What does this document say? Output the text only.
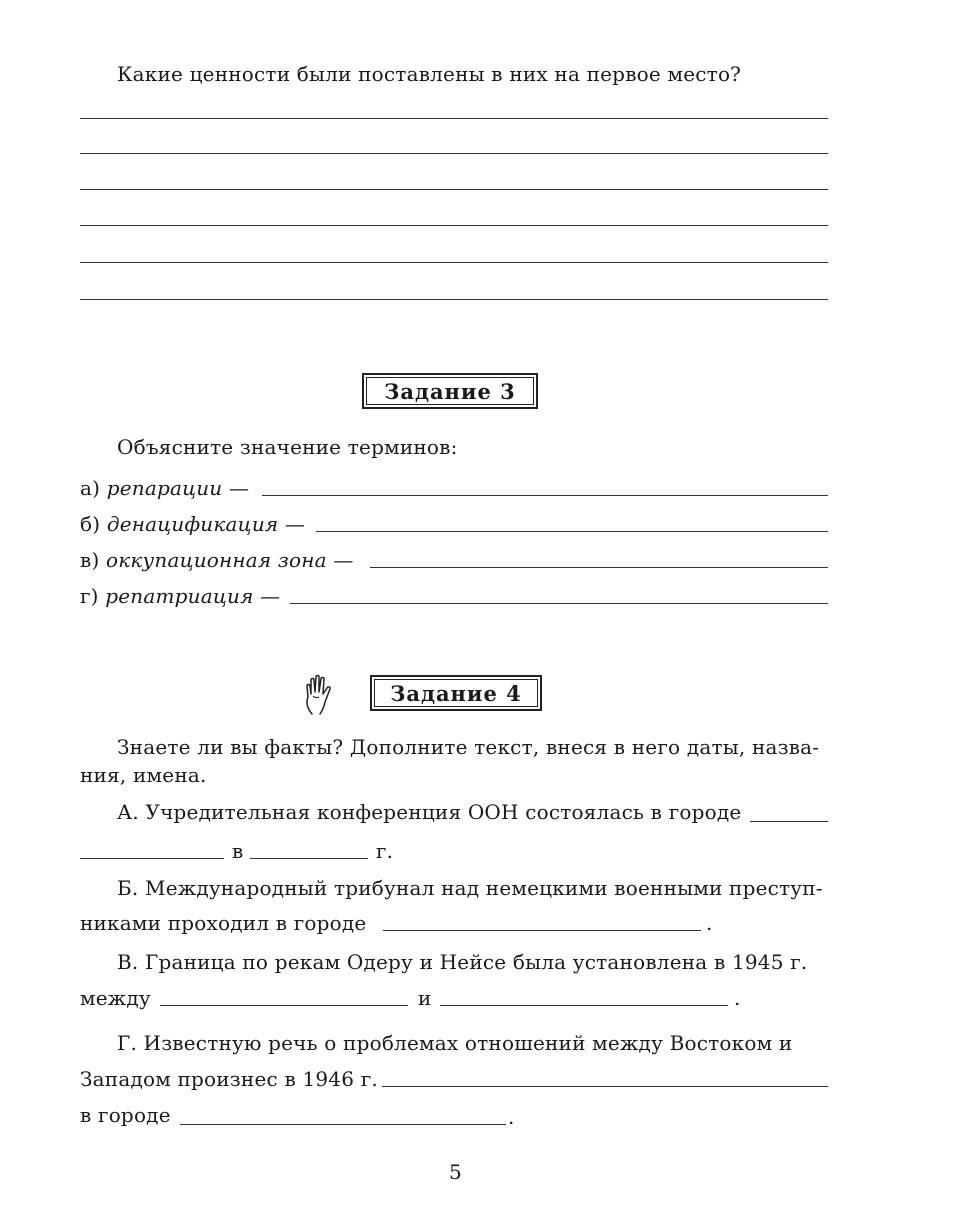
Какие ценности были поставлены в них на первое место?
Задание 3
Объясните значение терминов:
а) репарации —
б) денацификация —
в) оккупационная зона —
г) репатриация —
Задание 4
Знаете ли вы факты? Дополните текст, внеся в него даты, назва-
ния, имена.
А. Учредительная конференция ООН состоялась в городе
в	г.
Б. Международный трибунал над немецкими военными преступ-
никами проходил в городе	.
В. Граница по рекам Одеру и Нейсе была установлена в 1945 г.
между	и	.
Г. Известную речь о проблемах отношений между Востоком и
Западом произнес в 1946 г.
в городе	.
5
